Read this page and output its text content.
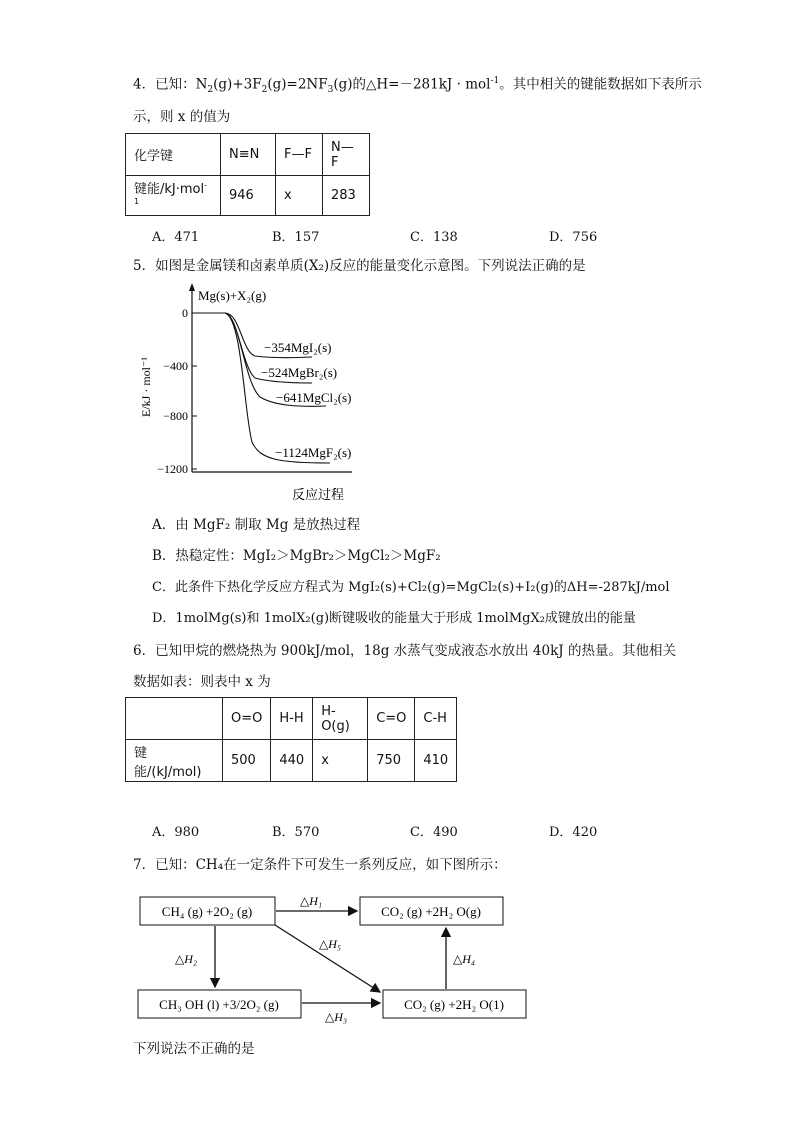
4．已知：$N_2(g)+3F_2(g)=2NF_3(g)$的△H=－281kJ · mol$^{-1}$。其中相关的键能数据如下表所示
示，则 x 的值为
化学键	N≡N	F—F	N—F
键能/kJ·mol$^{-1}$	946	x	283
A．471	B．157	C．138	D．756
5．如图是金属镁和卤素单质(X₂)反应的能量变化示意图。下列说法正确的是
0
−400
−800
−1200
Mg(s)+X₂(g)
E/kJ · mol⁻¹
反应过程
−354MgI₂(s)
−524MgBr₂(s)
−641MgCl₂(s)
−1124MgF₂(s)
A．由 MgF₂ 制取 Mg 是放热过程
B．热稳定性：MgI₂＞MgBr₂＞MgCl₂＞MgF₂
C．此条件下热化学反应方程式为 MgI₂(s)+Cl₂(g)=MgCl₂(s)+I₂(g)的ΔH=-287kJ/mol
D．1molMg(s)和 1molX₂(g)断键吸收的能量大于形成 1molMgX₂成键放出的能量
6．已知甲烷的燃烧热为 900kJ/mol，18g 水蒸气变成液态水放出 40kJ 的热量。其他相关
数据如表：则表中 x 为
	O=O	H-H	H-O(g)	C=O	C-H
键能/(kJ/mol)	500	440	x	750	410
A．980	B．570	C．490	D．420
7．已知：CH₄在一定条件下可发生一系列反应，如下图所示：
CH₄ (g) +2O₂ (g)	CO₂ (g) +2H₂ O(g)
CH₃ OH (l) +3/2O₂ (g)	CO₂ (g) +2H₂ O(1)
△H₁
△H₂
△H₅
△H₃
△H₄
下列说法不正确的是
